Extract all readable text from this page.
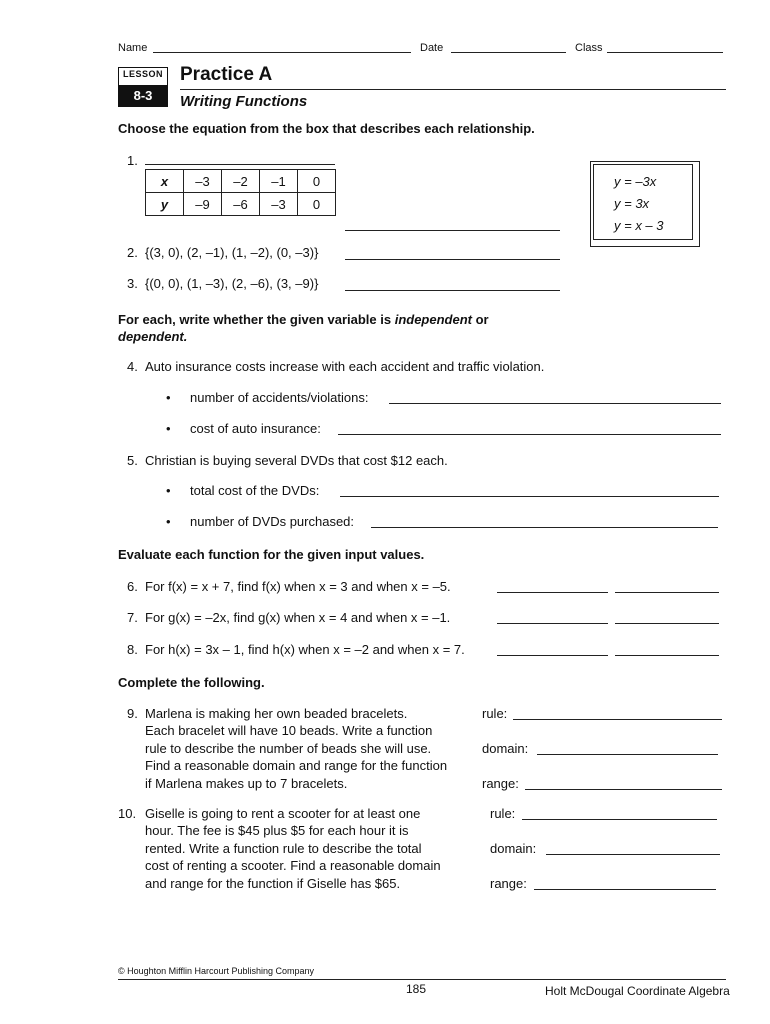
Name	Date	Class
LESSON
8-3
Practice A
Writing Functions
Choose the equation from the box that describes each relationship.
1.
x	–3	–2	–1	0
y	–9	–6	–3	0
y = –3x
y = 3x
y = x – 3
2. {(3, 0), (2, –1), (1, –2), (0, –3)}
3. {(0, 0), (1, –3), (2, –6), (3, –9)}
For each, write whether the given variable is independent or
dependent.
4. Auto insurance costs increase with each accident and traffic violation.
• number of accidents/violations:
• cost of auto insurance:
5. Christian is buying several DVDs that cost $12 each.
• total cost of the DVDs:
• number of DVDs purchased:
Evaluate each function for the given input values.
6. For f(x) = x + 7, find f(x) when x = 3 and when x = –5.
7. For g(x) = –2x, find g(x) when x = 4 and when x = –1.
8. For h(x) = 3x – 1, find h(x) when x = –2 and when x = 7.
Complete the following.
9. Marlena is making her own beaded bracelets.
Each bracelet will have 10 beads. Write a function
rule to describe the number of beads she will use.
Find a reasonable domain and range for the function
if Marlena makes up to 7 bracelets.
rule:
domain:
range:
10. Giselle is going to rent a scooter for at least one
hour. The fee is $45 plus $5 for each hour it is
rented. Write a function rule to describe the total
cost of renting a scooter. Find a reasonable domain
and range for the function if Giselle has $65.
rule:
domain:
range:
© Houghton Mifflin Harcourt Publishing Company
185	Holt McDougal Coordinate Algebra
